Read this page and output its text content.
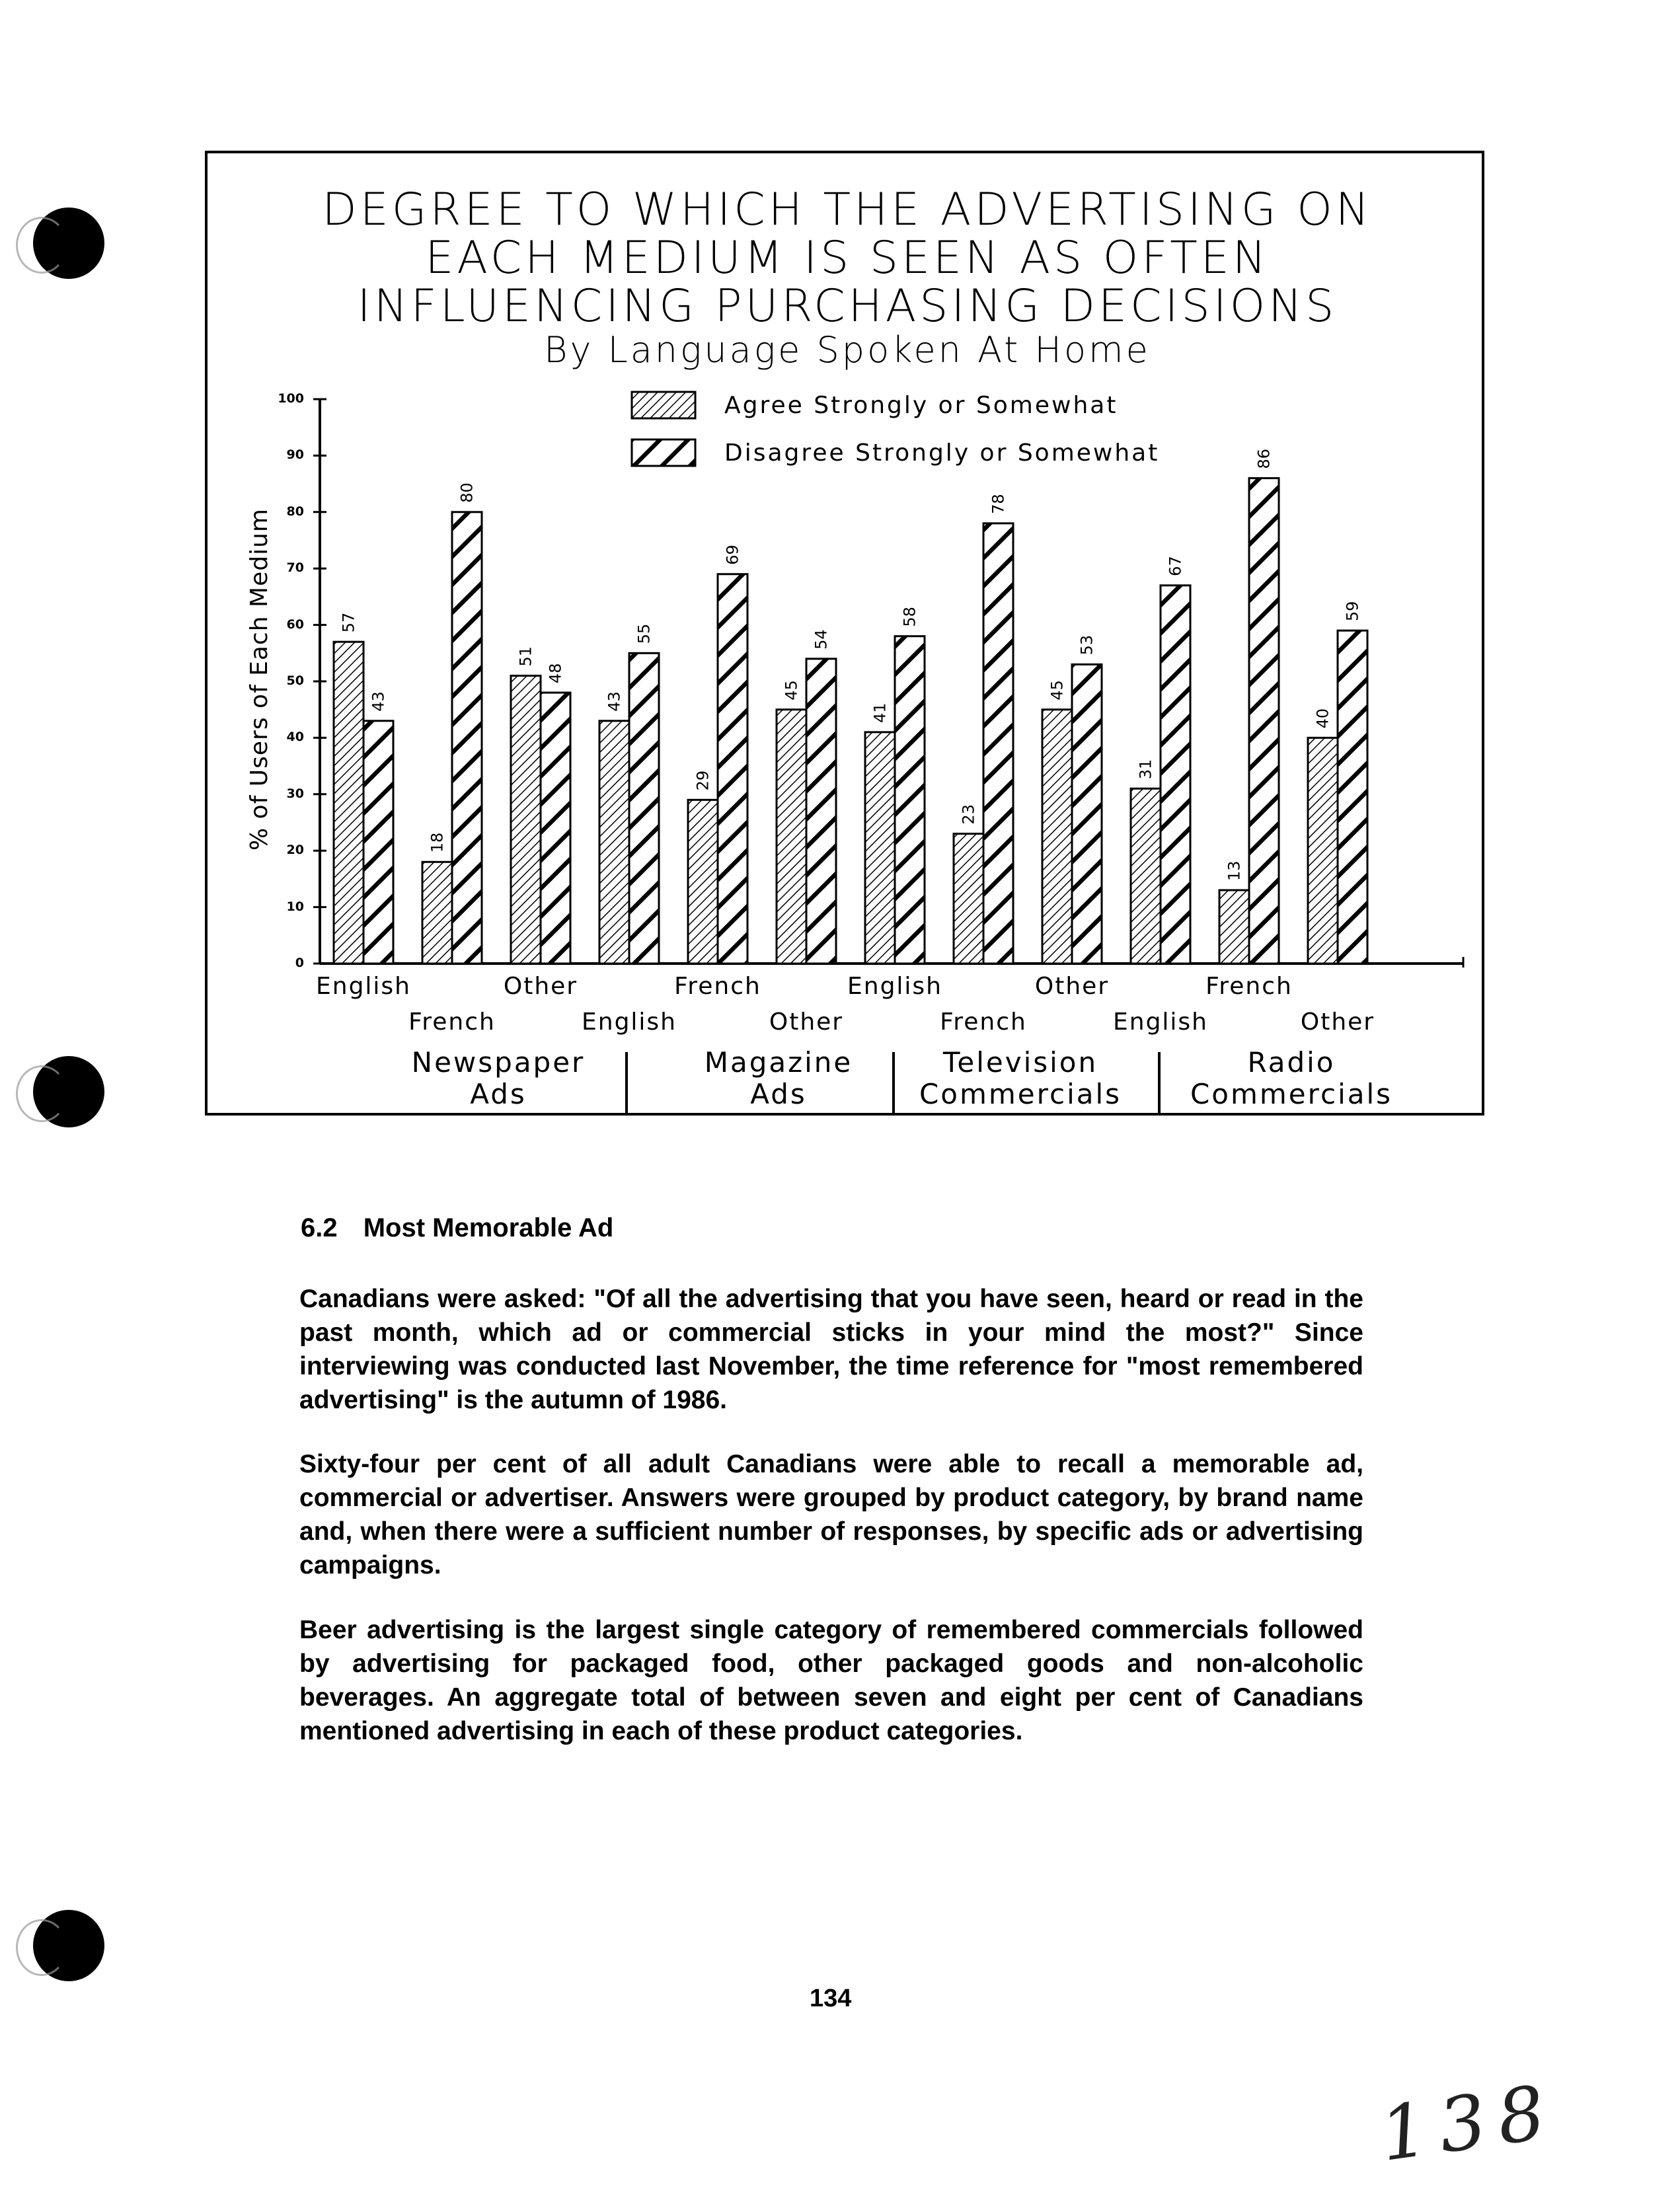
57
43
18
80
51
48
43
55
29
69
45
54
41
58
23
78
45
53
31
67
13
86
40
59
DEGREE TO WHICH THE ADVERTISING ON
EACH MEDIUM IS SEEN AS OFTEN
INFLUENCING PURCHASING DECISIONS
By Language Spoken At Home
Agree Strongly or Somewhat
Disagree Strongly or Somewhat
% of Users of Each Medium
0
10
20
30
40
50
60
70
80
90
100
English
French
Other
English
French
Other
English
French
Other
English
French
Other
Newspaper Ads
Magazine Ads
Television Commercials
Radio Commercials
6.2 Most Memorable Ad
Canadians were asked: "Of all the advertising that you have seen, heard or read in the past month, which ad or commercial sticks in your mind the most?" Since interviewing was conducted last November, the time reference for "most remembered advertising" is the autumn of 1986.
Sixty-four per cent of all adult Canadians were able to recall a memorable ad, commercial or advertiser. Answers were grouped by product category, by brand name and, when there were a sufficient number of responses, by specific ads or advertising campaigns.
Beer advertising is the largest single category of remembered commercials followed by advertising for packaged food, other packaged goods and non-alcoholic beverages. An aggregate total of between seven and eight per cent of Canadians mentioned advertising in each of these product categories.
134
138
